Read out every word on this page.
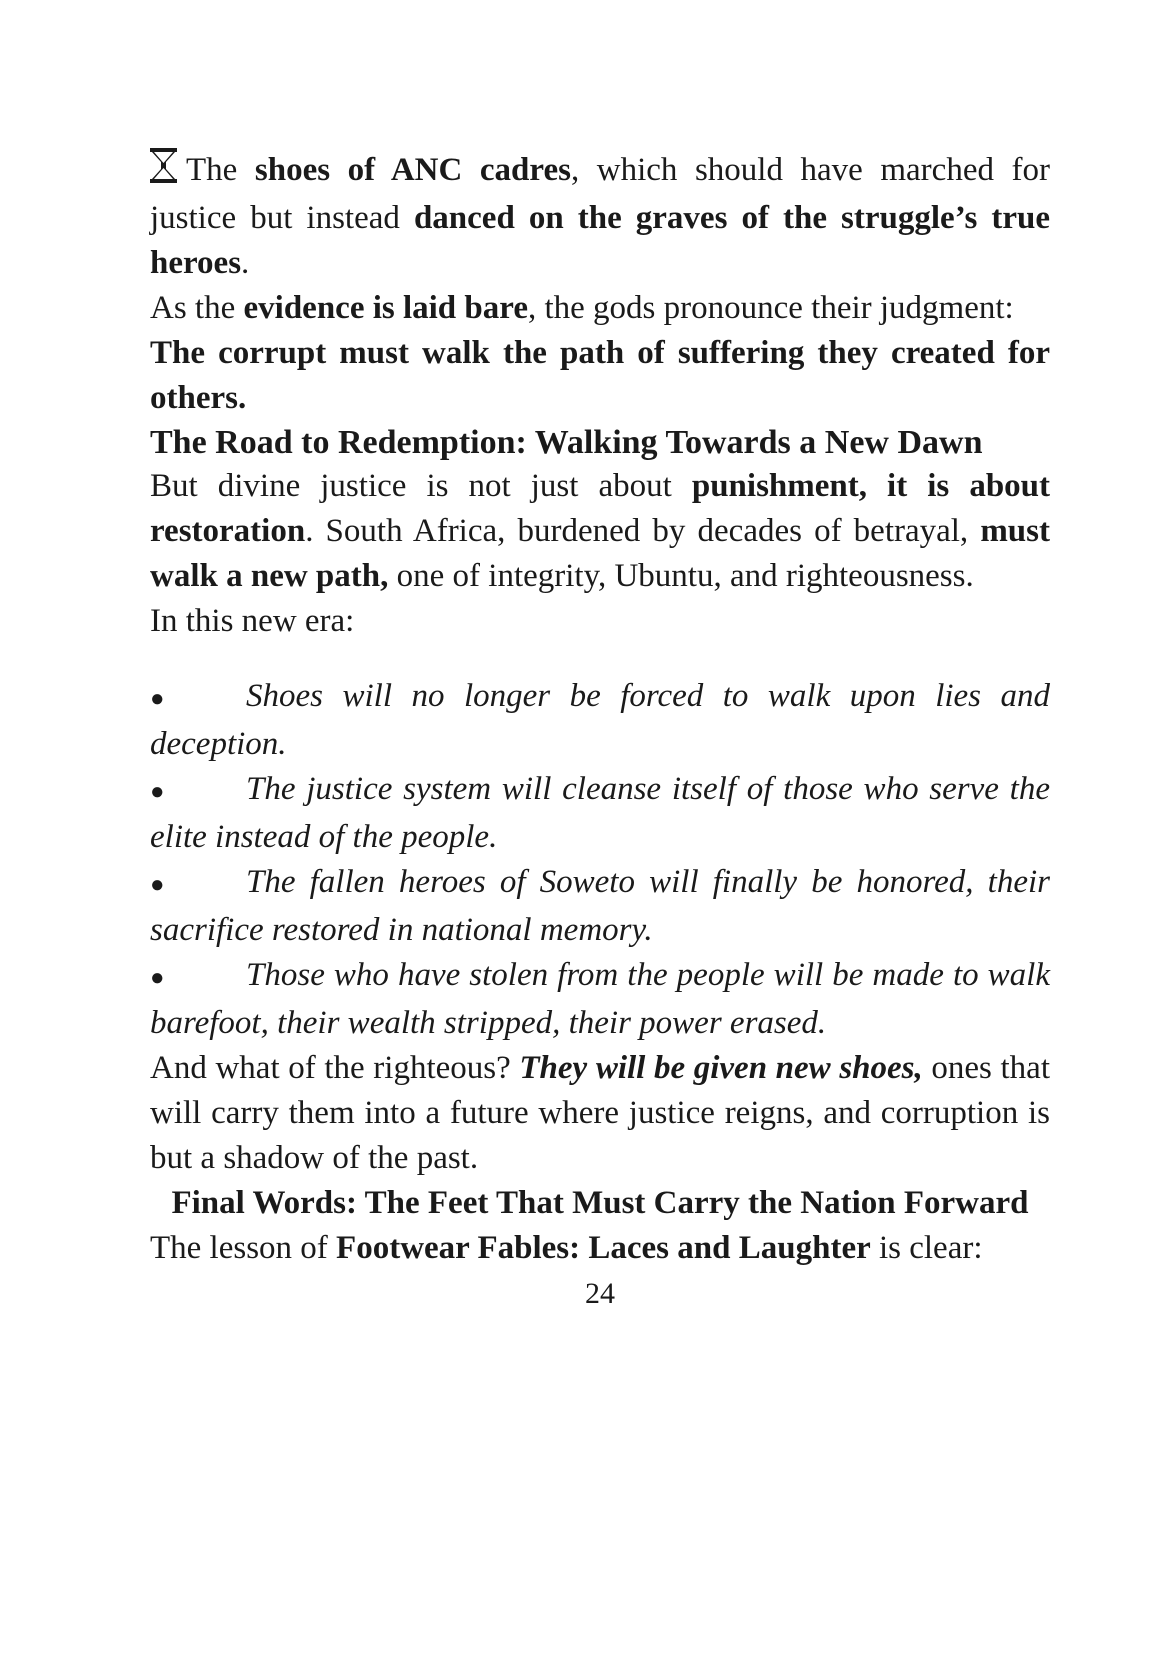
The shoes of ANC cadres, which should have marched for justice but instead danced on the graves of the struggle’s true heroes.

As the evidence is laid bare, the gods pronounce their judgment:

The corrupt must walk the path of suffering they created for others.

The Road to Redemption: Walking Towards a New Dawn

But divine justice is not just about punishment, it is about restoration. South Africa, burdened by decades of betrayal, must walk a new path, one of integrity, Ubuntu, and righteousness.

In this new era:

● Shoes will no longer be forced to walk upon lies and deception.

● The justice system will cleanse itself of those who serve the elite instead of the people.

● The fallen heroes of Soweto will finally be honored, their sacrifice restored in national memory.

● Those who have stolen from the people will be made to walk barefoot, their wealth stripped, their power erased.

And what of the righteous? They will be given new shoes, ones that will carry them into a future where justice reigns, and corruption is but a shadow of the past.

Final Words: The Feet That Must Carry the Nation Forward

The lesson of Footwear Fables: Laces and Laughter is clear:

24
